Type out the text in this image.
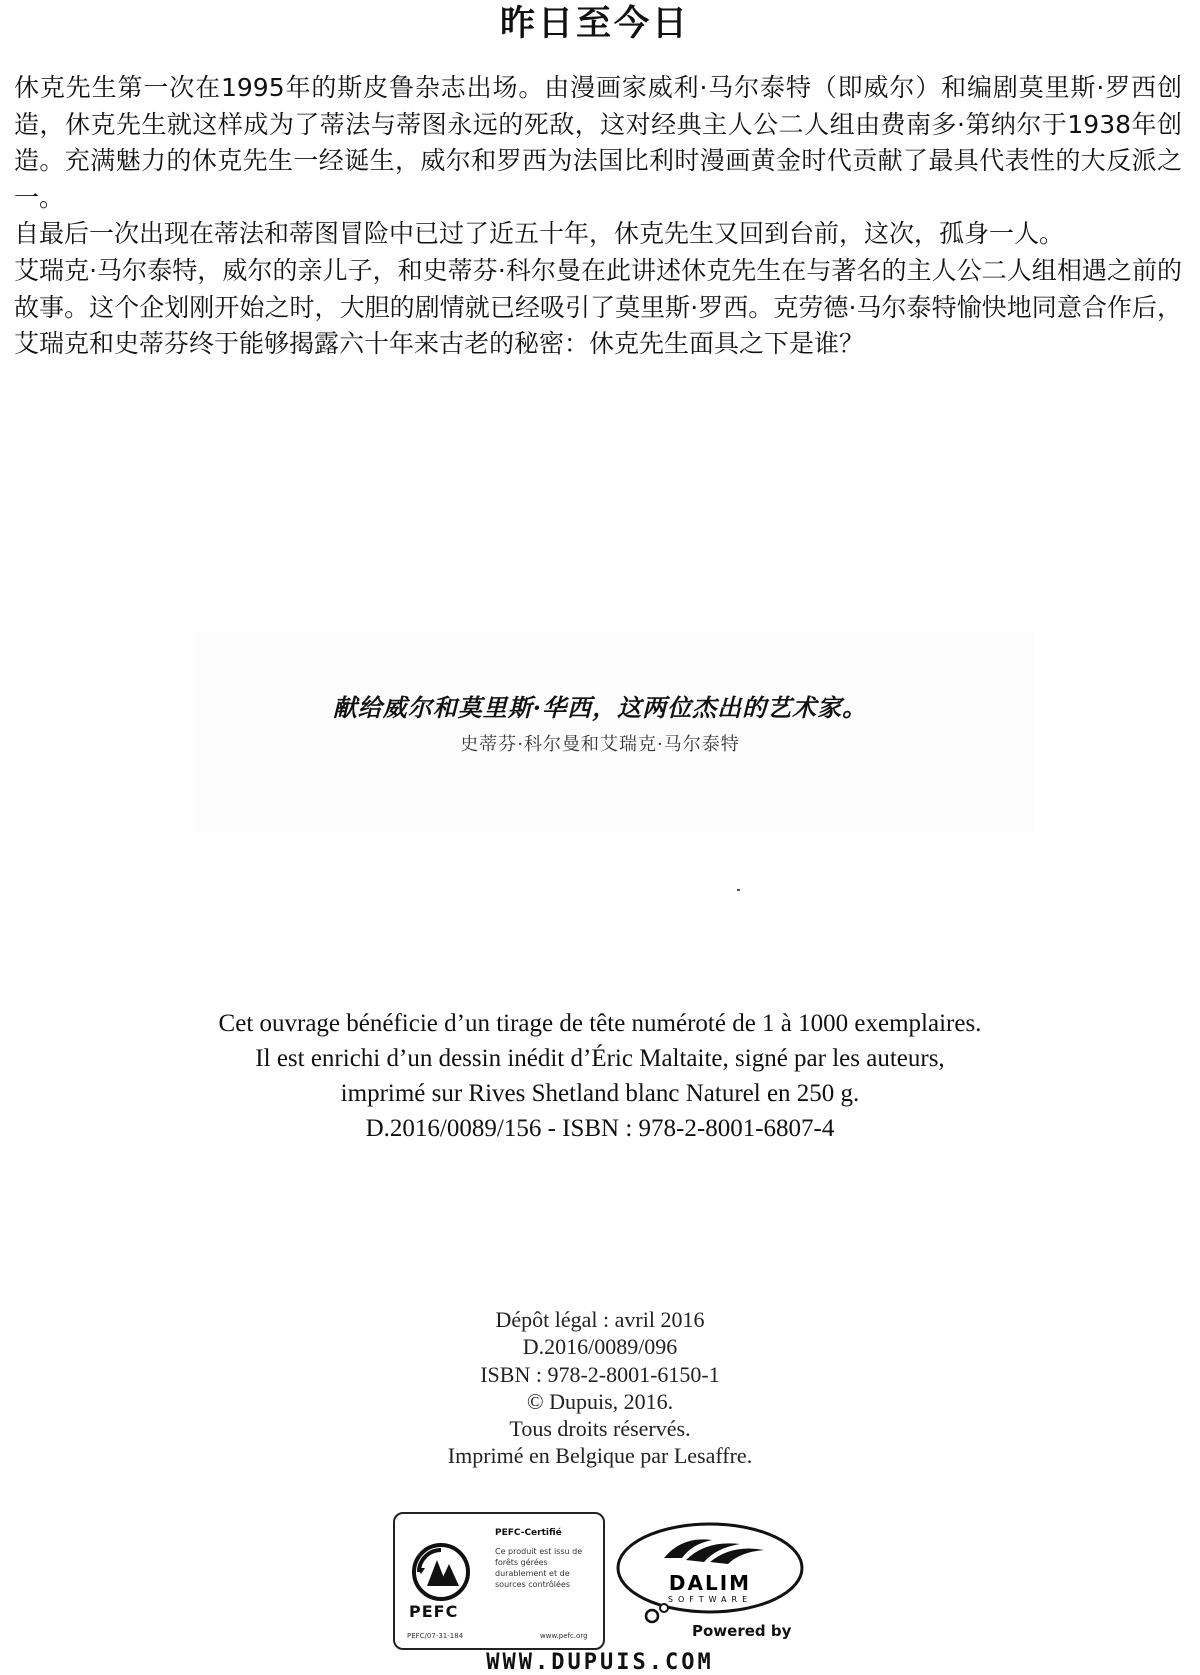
昨日至今日

休克先生第一次在1995年的斯皮鲁杂志出场。由漫画家威利·马尔泰特（即威尔）和编剧莫里斯·罗西创造，休克先生就这样成为了蒂法与蒂图永远的死敌，这对经典主人公二人组由费南多·第纳尔于1938年创造。充满魅力的休克先生一经诞生，威尔和罗西为法国比利时漫画黄金时代贡献了最具代表性的大反派之一。

自最后一次出现在蒂法和蒂图冒险中已过了近五十年，休克先生又回到台前，这次，孤身一人。

艾瑞克·马尔泰特，威尔的亲儿子，和史蒂芬·科尔曼在此讲述休克先生在与著名的主人公二人组相遇之前的故事。这个企划刚开始之时，大胆的剧情就已经吸引了莫里斯·罗西。克劳德·马尔泰特愉快地同意合作后，艾瑞克和史蒂芬终于能够揭露六十年来古老的秘密：休克先生面具之下是谁？

献给威尔和莫里斯·华西，这两位杰出的艺术家。
史蒂芬·科尔曼和艾瑞克·马尔泰特
Cet ouvrage bénéficie d’un tirage de tête numéroté de 1 à 1000 exemplaires.
Il est enrichi d’un dessin inédit d’Éric Maltaite, signé par les auteurs,
imprimé sur Rives Shetland blanc Naturel en 250 g.
D.2016/0089/156 - ISBN : 978-2-8001-6807-4
Dépôt légal : avril 2016
D.2016/0089/096
ISBN : 978-2-8001-6150-1
© Dupuis, 2016.
Tous droits réservés.
Imprimé en Belgique par Lesaffre.
PEFC
PEFC-Certifié
Ce produit est issu de forêts gérées durablement et de sources contrôlées
PEFC/07-31-184	www.pefc.org
DALIM
SOFTWARE
Powered by
WWW.DUPUIS.COM
